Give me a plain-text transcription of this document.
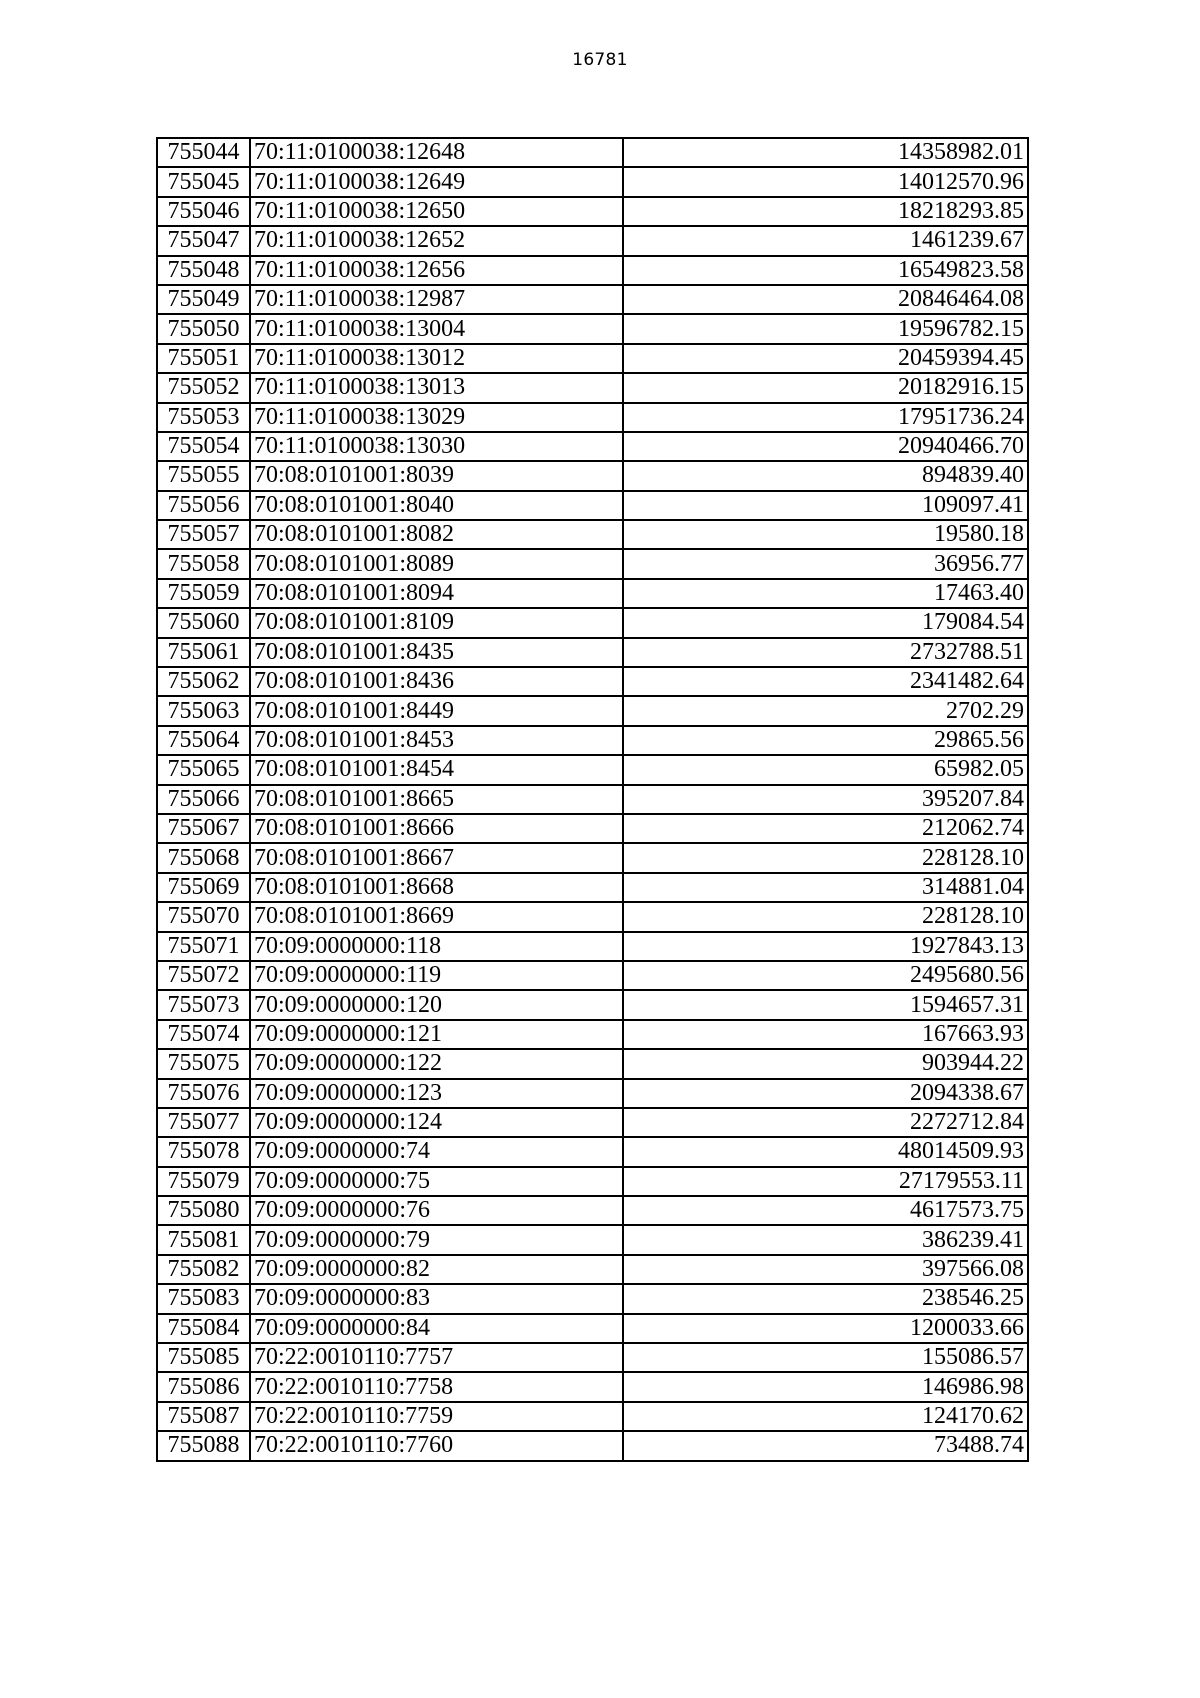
16781
755044	70:11:0100038:12648	14358982.01
755045	70:11:0100038:12649	14012570.96
755046	70:11:0100038:12650	18218293.85
755047	70:11:0100038:12652	1461239.67
755048	70:11:0100038:12656	16549823.58
755049	70:11:0100038:12987	20846464.08
755050	70:11:0100038:13004	19596782.15
755051	70:11:0100038:13012	20459394.45
755052	70:11:0100038:13013	20182916.15
755053	70:11:0100038:13029	17951736.24
755054	70:11:0100038:13030	20940466.70
755055	70:08:0101001:8039	894839.40
755056	70:08:0101001:8040	109097.41
755057	70:08:0101001:8082	19580.18
755058	70:08:0101001:8089	36956.77
755059	70:08:0101001:8094	17463.40
755060	70:08:0101001:8109	179084.54
755061	70:08:0101001:8435	2732788.51
755062	70:08:0101001:8436	2341482.64
755063	70:08:0101001:8449	2702.29
755064	70:08:0101001:8453	29865.56
755065	70:08:0101001:8454	65982.05
755066	70:08:0101001:8665	395207.84
755067	70:08:0101001:8666	212062.74
755068	70:08:0101001:8667	228128.10
755069	70:08:0101001:8668	314881.04
755070	70:08:0101001:8669	228128.10
755071	70:09:0000000:118	1927843.13
755072	70:09:0000000:119	2495680.56
755073	70:09:0000000:120	1594657.31
755074	70:09:0000000:121	167663.93
755075	70:09:0000000:122	903944.22
755076	70:09:0000000:123	2094338.67
755077	70:09:0000000:124	2272712.84
755078	70:09:0000000:74	48014509.93
755079	70:09:0000000:75	27179553.11
755080	70:09:0000000:76	4617573.75
755081	70:09:0000000:79	386239.41
755082	70:09:0000000:82	397566.08
755083	70:09:0000000:83	238546.25
755084	70:09:0000000:84	1200033.66
755085	70:22:0010110:7757	155086.57
755086	70:22:0010110:7758	146986.98
755087	70:22:0010110:7759	124170.62
755088	70:22:0010110:7760	73488.74
